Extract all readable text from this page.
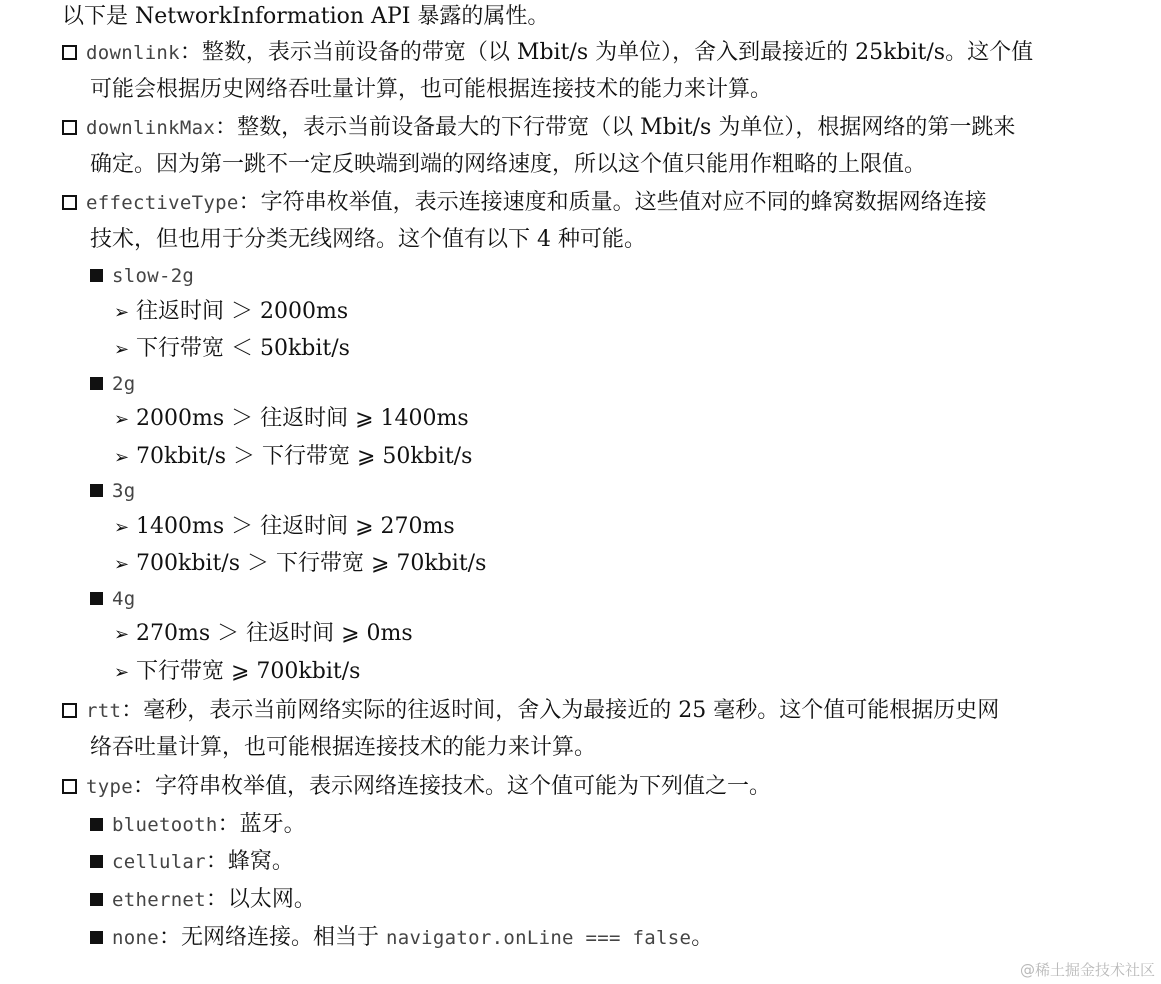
以下是 NetworkInformation API 暴露的属性。
downlink：整数，表示当前设备的带宽（以 Mbit/s 为单位），舍入到最接近的 25kbit/s。这个值
可能会根据历史网络吞吐量计算，也可能根据连接技术的能力来计算。
downlinkMax：整数，表示当前设备最大的下行带宽（以 Mbit/s 为单位），根据网络的第一跳来
确定。因为第一跳不一定反映端到端的网络速度，所以这个值只能用作粗略的上限值。
effectiveType：字符串枚举值，表示连接速度和质量。这些值对应不同的蜂窝数据网络连接
技术，但也用于分类无线网络。这个值有以下 4 种可能。
slow-2g
➢ 往返时间 ＞ 2000ms
➢ 下行带宽 ＜ 50kbit/s
2g
➢ 2000ms ＞ 往返时间 ⩾ 1400ms
➢ 70kbit/s ＞ 下行带宽 ⩾ 50kbit/s
3g
➢ 1400ms ＞ 往返时间 ⩾ 270ms
➢ 700kbit/s ＞ 下行带宽 ⩾ 70kbit/s
4g
➢ 270ms ＞ 往返时间 ⩾ 0ms
➢ 下行带宽 ⩾ 700kbit/s
rtt：毫秒，表示当前网络实际的往返时间，舍入为最接近的 25 毫秒。这个值可能根据历史网
络吞吐量计算，也可能根据连接技术的能力来计算。
type：字符串枚举值，表示网络连接技术。这个值可能为下列值之一。
bluetooth：蓝牙。
cellular：蜂窝。
ethernet：以太网。
none：无网络连接。相当于 navigator.onLine === false。
@稀土掘金技术社区
